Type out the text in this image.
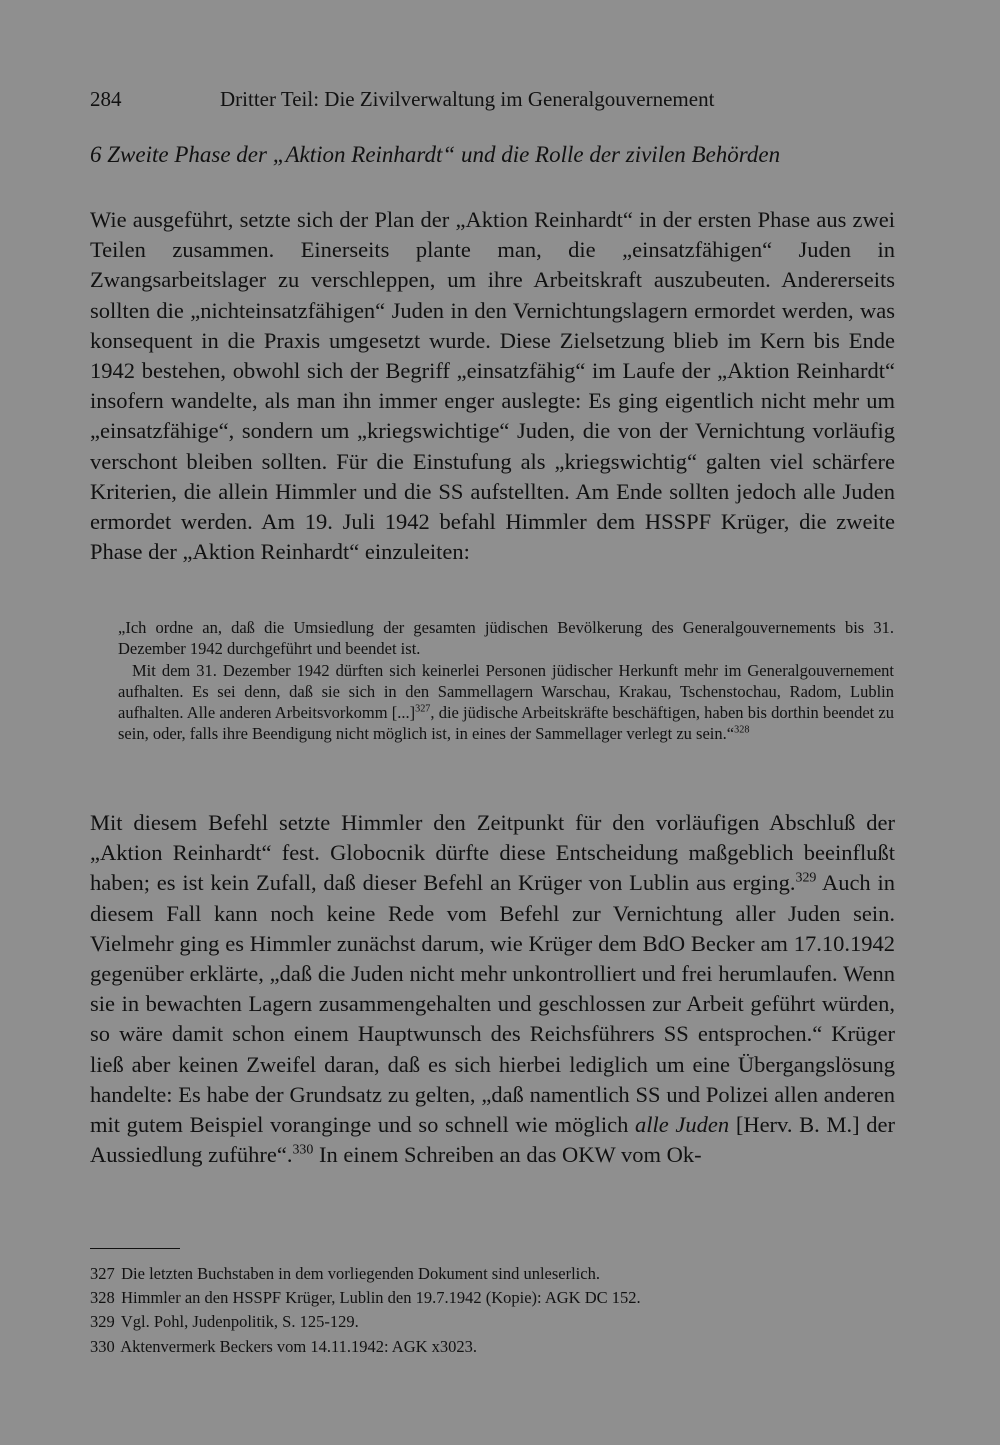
284	Dritter Teil: Die Zivilverwaltung im Generalgouvernement
6 Zweite Phase der „Aktion Reinhardt“ und die Rolle der zivilen Behörden

Wie ausgeführt, setzte sich der Plan der „Aktion Reinhardt“ in der ersten Phase aus zwei Teilen zusammen. Einerseits plante man, die „einsatzfähigen“ Juden in Zwangsarbeitslager zu verschleppen, um ihre Arbeitskraft auszubeuten. Andererseits sollten die „nichteinsatzfähigen“ Juden in den Vernichtungslagern ermordet werden, was konsequent in die Praxis umgesetzt wurde. Diese Zielsetzung blieb im Kern bis Ende 1942 bestehen, obwohl sich der Begriff „einsatzfähig“ im Laufe der „Aktion Reinhardt“ insofern wandelte, als man ihn immer enger auslegte: Es ging eigentlich nicht mehr um „einsatzfähige“, sondern um „kriegswichtige“ Juden, die von der Vernichtung vorläufig verschont bleiben sollten. Für die Einstufung als „kriegswichtig“ galten viel schärfere Kriterien, die allein Himmler und die SS aufstellten. Am Ende sollten jedoch alle Juden ermordet werden. Am 19. Juli 1942 befahl Himmler dem HSSPF Krüger, die zweite Phase der „Aktion Reinhardt“ einzuleiten:

„Ich ordne an, daß die Umsiedlung der gesamten jüdischen Bevölkerung des Generalgouvernements bis 31. Dezember 1942 durchgeführt und beendet ist.

Mit dem 31. Dezember 1942 dürften sich keinerlei Personen jüdischer Herkunft mehr im Generalgouvernement aufhalten. Es sei denn, daß sie sich in den Sammellagern Warschau, Krakau, Tschenstochau, Radom, Lublin aufhalten. Alle anderen Arbeitsvorkomm [...]$^{327}$, die jüdische Arbeitskräfte beschäftigen, haben bis dorthin beendet zu sein, oder, falls ihre Beendigung nicht möglich ist, in eines der Sammellager verlegt zu sein.“$^{328}$

Mit diesem Befehl setzte Himmler den Zeitpunkt für den vorläufigen Abschluß der „Aktion Reinhardt“ fest. Globocnik dürfte diese Entscheidung maßgeblich beeinflußt haben; es ist kein Zufall, daß dieser Befehl an Krüger von Lublin aus erging.$^{329}$ Auch in diesem Fall kann noch keine Rede vom Befehl zur Vernichtung aller Juden sein. Vielmehr ging es Himmler zunächst darum, wie Krüger dem BdO Becker am 17.10.1942 gegenüber erklärte, „daß die Juden nicht mehr unkontrolliert und frei herumlaufen. Wenn sie in bewachten Lagern zusammengehalten und geschlossen zur Arbeit geführt würden, so wäre damit schon einem Hauptwunsch des Reichsführers SS entsprochen.“ Krüger ließ aber keinen Zweifel daran, daß es sich hierbei lediglich um eine Übergangslösung handelte: Es habe der Grundsatz zu gelten, „daß namentlich SS und Polizei allen anderen mit gutem Beispiel voranginge und so schnell wie möglich alle Juden [Herv. B. M.] der Aussiedlung zuführe“.$^{330}$ In einem Schreiben an das OKW vom Ok-

327 Die letzten Buchstaben in dem vorliegenden Dokument sind unleserlich.
328 Himmler an den HSSPF Krüger, Lublin den 19.7.1942 (Kopie): AGK DC 152.
329 Vgl. Pohl, Judenpolitik, S. 125-129.
330 Aktenvermerk Beckers vom 14.11.1942: AGK x3023.
